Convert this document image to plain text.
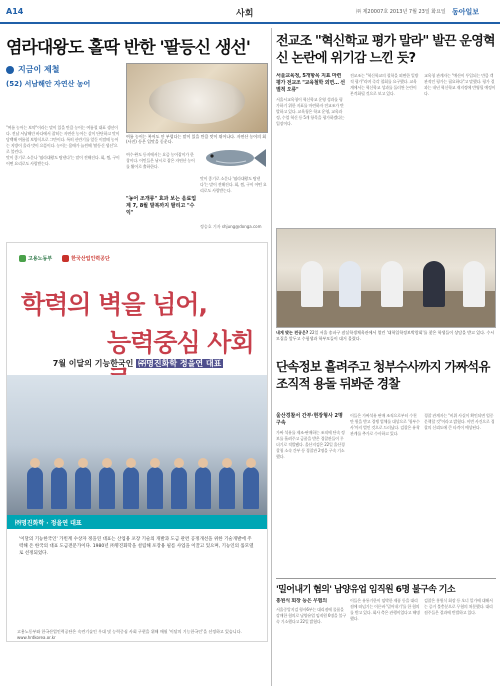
A14	사회	㈜ 제20007호 2013년 7월 23일 화요일 동아일보
염라대왕도 홀딱 반한 '팔등신 생선'
지금이 제철
(52) 서남해안 자연산 농어
여름 농어는 복어도 안 부럽다는 말이 있을 만큼 맛이 뛰어나다. 자연산 농어의 회(사진) 등은 입맛을 돋운다.

"여름 농어는 보약"이라는 말이 있을 만큼 농어는 여름철 대표 생선이다. 전남 서남해안 바다에서 잡히는 자연산 농어는 살이 단단하고 맛이 담백해 여름철 보양식으로 그만이다. 특히 산란기를 앞둔 이맘때 농어는 지방이 올라 맛이 으뜸이다. 농어는 몸매가 늘씬해 '팔등신 생선'으로 불린다.

맛이 좋기로 소문나 '염라대왕도 탐낸다'는 말이 전해진다. 회, 찜, 구이 어떤 요리로도 사랑받는다.

여수·완도 등지에서는 요즘 농어잡이가 한창이다. 어민들은 낚시로 잡은 자연산 농어를 활어로 출하한다.

맛이 좋기로 소문나 '염라대왕도 탐낸다'는 말이 전해진다. 회, 찜, 구이 어떤 요리로도 사랑받는다.

"농어 조개류" 효과 보는 음료업계 7, 8월 말복까지 팔리고 "수익"
정승호 기자 shjung@donga.com
전교조 "혁신학교 평가 말라" 발끈 운영혁신 논란에 위기감 느낀 듯?

서울교육청, 5개항목 지표 마련 평가 전교조 "교육철학 외면… 선별적 오류"

서울시교육청이 혁신학교 운영 성과를 평가하기 위한 지표를 마련하자 전교조가 반발하고 있다. 교육청은 학교 운영, 교육과정, 수업 혁신 등 5개 항목을 평가하겠다는 입장이다.

전교조는 "혁신학교의 철학을 외면한 일방적 평가"라며 즉각 철회를 요구했다. 교육계에서는 혁신학교 성과를 둘러싼 논란이 본격화될 것으로 보고 있다.

교육청 관계자는 "예산이 투입되는 만큼 객관적인 평가는 필요하다"고 말했다. 평가 결과는 내년 혁신학교 재지정에 반영될 예정이다.

내게 맞는 전공은? 22일 서울 송파구 잠실학생체육관에서 열린 '대학입학정보박람회'를 찾은 학생들이 상담을 받고 있다. 수시모집을 앞두고 수험생과 학부모들이 대거 몰렸다.
고용노동부	한국산업인력공단
학력의 벽을 넘어,
능력중심 사회
7월 이달의 기능한국인 ㈜명진화학 정을연 대표
㈜명진화학 · 정을연 대표
'이달의 기능한국인' 가빈계 수상자 정을연 대표는 산업용 포장 기술의 개발과 도금 관련 공정개선을 위한 기술개발에 주력해 온 한국의 대표 도금전문가이다. 1980년 ㈜명진화학을 설립해 포장용 필름 사업을 이끌고 있으며, 기능인의 롤모델로 선정되었다.
고용노동부와 한국산업인력공단은 숙련기술인 우대 및 능력중심 사회 구현을 위해 매월 '이달의 기능한국인'을 선정하고 있습니다. www.hrdkorea.or.kr
단속정보 흘려주고 청부수사까지 가짜석유 조직적 용돌 뒤봐준 경찰
울산경찰서 간부·현장형사 2명 구속

가짜 석유를 제조·판매하는 조직에 단속 정보를 흘려주고 금품을 받은 경찰관들이 무더기로 적발됐다. 울산지검은 22일 울산경찰청 소속 간부 등 경찰관 2명을 구속 기소했다.

이들은 가짜석유 판매 조직으로부터 수천만 원을 받고 경쟁 업체를 대상으로 '청부수사'까지 벌인 것으로 드러났다. 검찰은 유착 관계를 추가로 수사하고 있다.

경찰 관계자는 "비위 사실이 확인되면 엄중 문책할 것"이라고 밝혔다. 이번 사건으로 경찰의 신뢰도에 큰 타격이 예상된다.

'밀어내기 혐의' 남양유업 임직원 6명 불구속 기소

홍원식 회장 등은 무혐의

서울중앙지검 형사6부는 대리점에 물품을 강매한 혐의로 남양유업 임직원 6명을 불구속 기소했다고 22일 밝혔다.

이들은 유통기한이 임박한 제품 등을 대리점에 떠넘기는 이른바 '밀어내기'를 한 혐의를 받고 있다. 회사 측은 관행이었다고 해명했다.

검찰은 홍원식 회장 등 오너 일가에 대해서는 증거 불충분으로 무혐의 처분했다. 대리점주들은 결과에 반발하고 있다.
